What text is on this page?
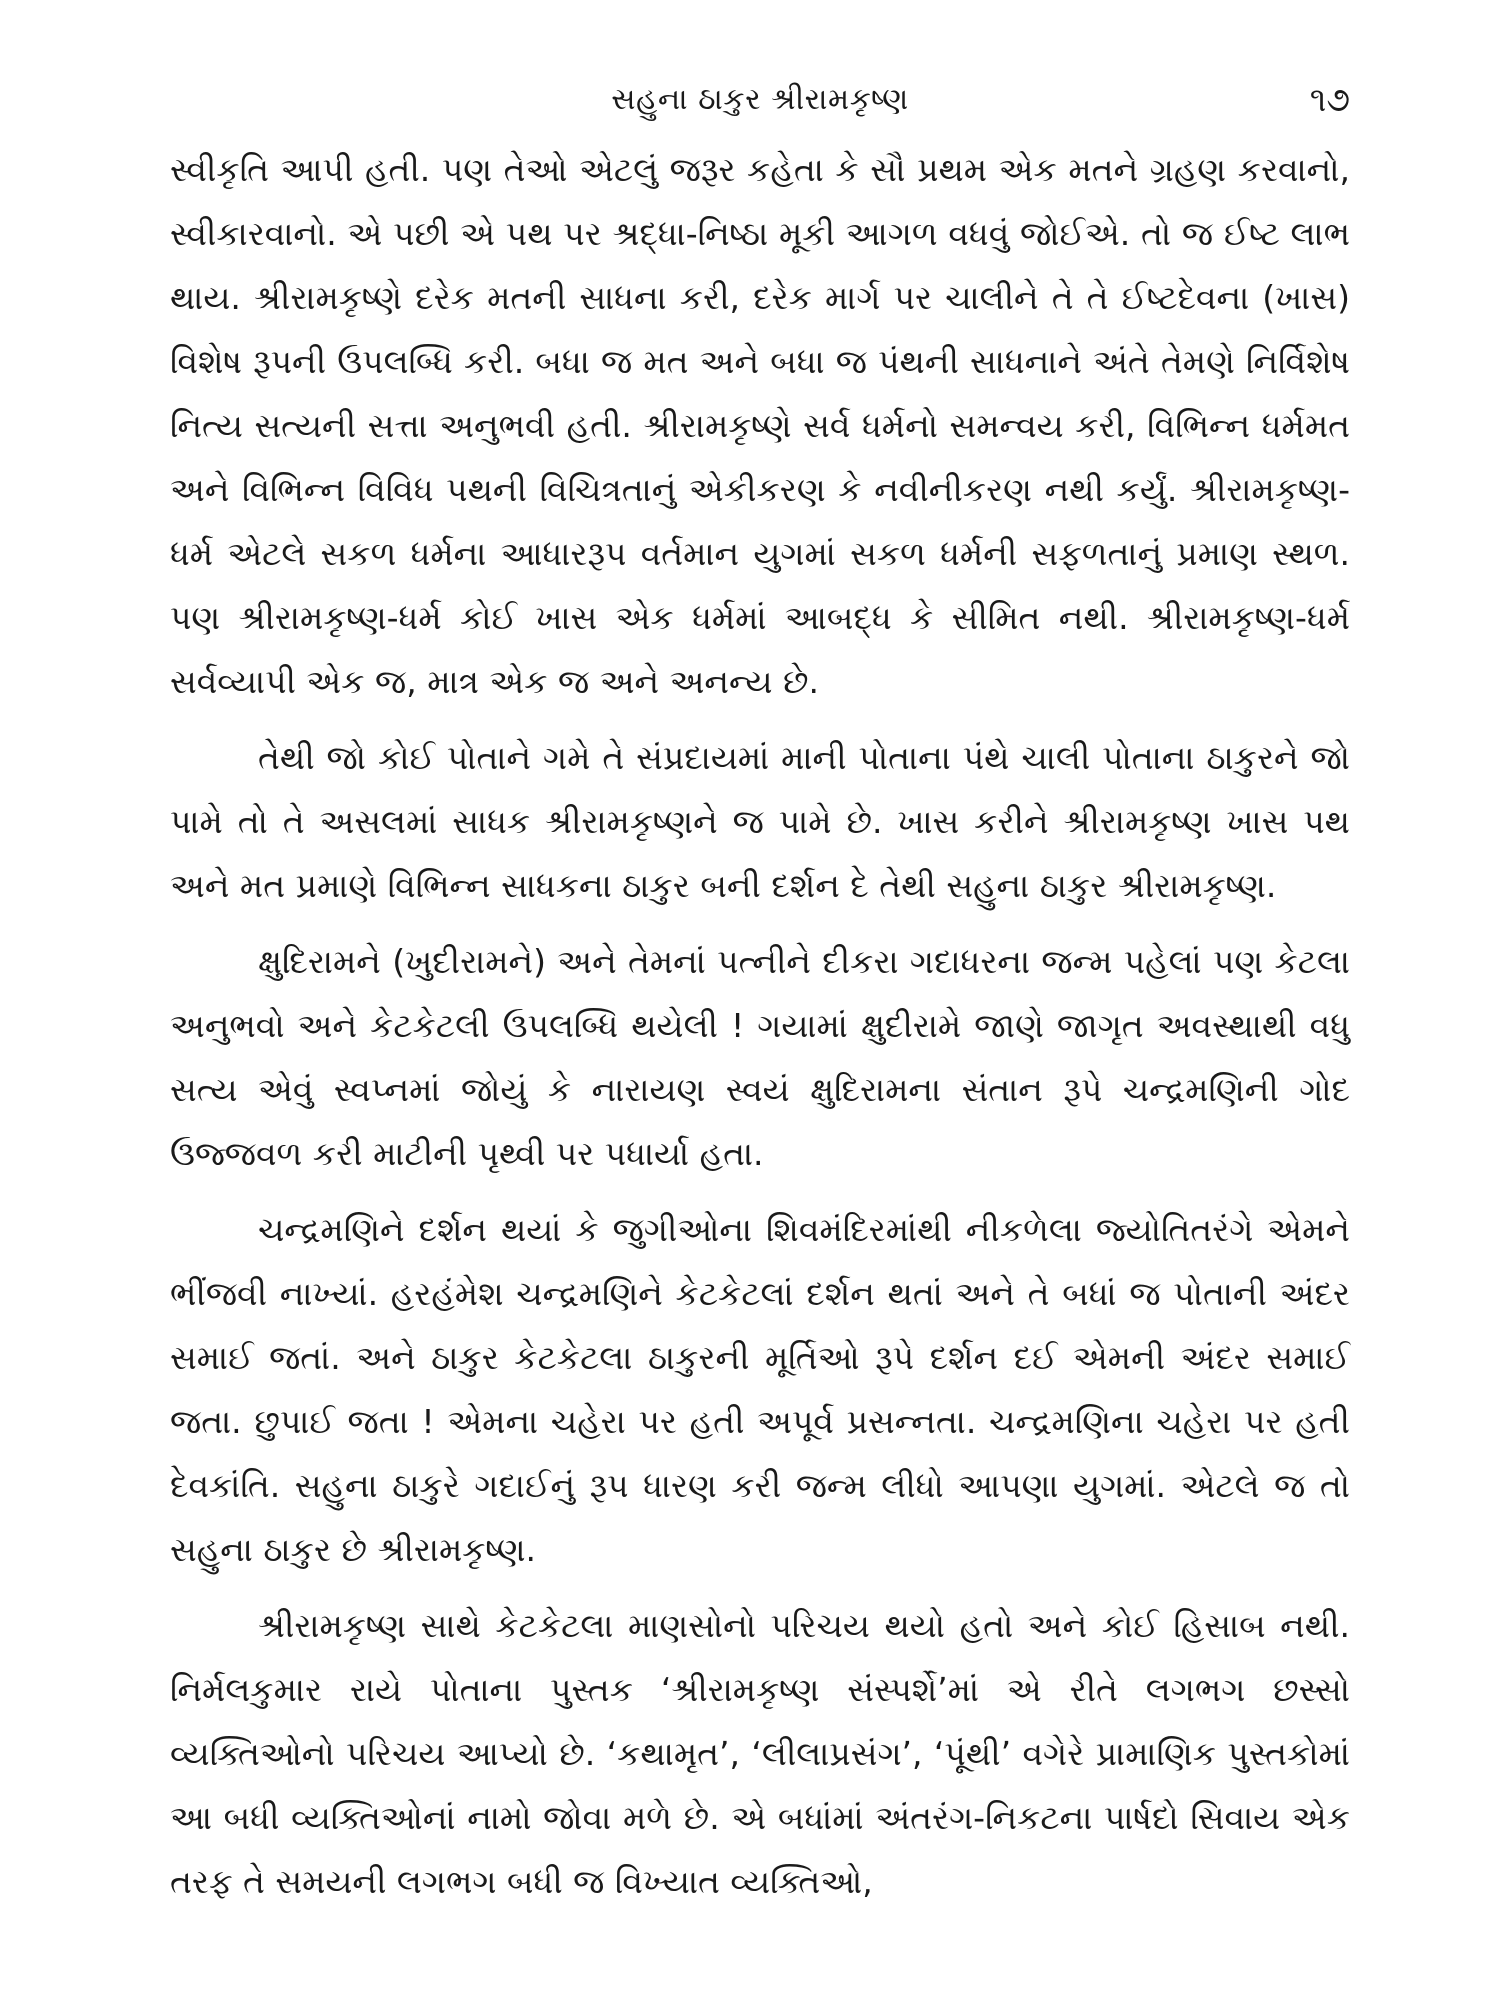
સહુના ઠાકુર શ્રીરામકૃષ્ણ	૧૭

સ્વીકૃતિ આપી હતી. પણ તેઓ એટલું જરૂર કહેતા કે સૌ પ્રથમ એક મતને ગ્રહણ કરવાનો, સ્વીકારવાનો. એ પછી એ પથ પર શ્રદ્ધા-નિષ્ઠા મૂકી આગળ વધવું જોઈએ. તો જ ઈષ્ટ લાભ થાય. શ્રીરામકૃષ્ણે દરેક મતની સાધના કરી, દરેક માર્ગ પર ચાલીને તે તે ઈષ્ટદેવના (ખાસ) વિશેષ રૂપની ઉપલબ્ધિ કરી. બધા જ મત અને બધા જ પંથની સાધનાને અંતે તેમણે નિર્વિશેષ નિત્ય સત્યની સત્તા અનુભવી હતી. શ્રીરામકૃષ્ણે સર્વ ધર્મનો સમન્વય કરી, વિભિન્ન ધર્મમત અને વિભિન્ન વિવિધ પથની વિચિત્રતાનું એકીકરણ કે નવીનીકરણ નથી કર્યું. શ્રીરામકૃષ્ણ-ધર્મ એટલે સકળ ધર્મના આધારરૂપ વર્તમાન યુગમાં સકળ ધર્મની સફળતાનું પ્રમાણ સ્થળ. પણ શ્રીરામકૃષ્ણ-ધર્મ કોઈ ખાસ એક ધર્મમાં આબદ્ધ કે સીમિત નથી. શ્રીરામકૃષ્ણ-ધર્મ સર્વવ્યાપી એક જ, માત્ર એક જ અને અનન્ય છે.

તેથી જો કોઈ પોતાને ગમે તે સંપ્રદાયમાં માની પોતાના પંથે ચાલી પોતાના ઠાકુરને જો પામે તો તે અસલમાં સાધક શ્રીરામકૃષ્ણને જ પામે છે. ખાસ કરીને શ્રીરામકૃષ્ણ ખાસ પથ અને મત પ્રમાણે વિભિન્ન સાધકના ઠાકુર બની દર્શન દે તેથી સહુના ઠાકુર શ્રીરામકૃષ્ણ.

ક્ષુદિરામને (ખુદીરામને) અને તેમનાં પત્નીને દીકરા ગદાધરના જન્મ પહેલાં પણ કેટલા અનુભવો અને કેટકેટલી ઉપલબ્ધિ થયેલી ! ગયામાં ક્ષુદીરામે જાણે જાગૃત અવસ્થાથી વધુ સત્ય એવું સ્વપ્નમાં જોયું કે નારાયણ સ્વયં ક્ષુદિરામના સંતાન રૂપે ચન્દ્રમણિની ગોદ ઉજ્જવળ કરી માટીની પૃથ્વી પર પધાર્યા હતા.

ચન્દ્રમણિને દર્શન થયાં કે જુગીઓના શિવમંદિરમાંથી નીકળેલા જ્યોતિતરંગે એમને ભીંજવી નાખ્યાં. હરહંમેશ ચન્દ્રમણિને કેટકેટલાં દર્શન થતાં અને તે બધાં જ પોતાની અંદર સમાઈ જતાં. અને ઠાકુર કેટકેટલા ઠાકુરની મૂર્તિઓ રૂપે દર્શન દઈ એમની અંદર સમાઈ જતા. છુપાઈ જતા ! એમના ચહેરા પર હતી અપૂર્વ પ્રસન્નતા. ચન્દ્રમણિના ચહેરા પર હતી દેવકાંતિ. સહુના ઠાકુરે ગદાઈનું રૂપ ધારણ કરી જન્મ લીધો આપણા યુગમાં. એટલે જ તો સહુના ઠાકુર છે શ્રીરામકૃષ્ણ.

શ્રીરામકૃષ્ણ સાથે કેટકેટલા માણસોનો પરિચય થયો હતો અને કોઈ હિસાબ નથી. નિર્મલકુમાર રાયે પોતાના પુસ્તક ‘શ્રીરામકૃષ્ણ સંસ્પર્શે’માં એ રીતે લગભગ છસ્સો વ્યક્તિઓનો પરિચય આપ્યો છે. ‘કથામૃત’, ‘લીલાપ્રસંગ’, ‘પૂંથી’ વગેરે પ્રામાણિક પુસ્તકોમાં આ બધી વ્યક્તિઓનાં નામો જોવા મળે છે. એ બધાંમાં અંતરંગ-નિકટના પાર્ષદો સિવાય એક તરફ તે સમયની લગભગ બધી જ વિખ્યાત વ્યક્તિઓ,
